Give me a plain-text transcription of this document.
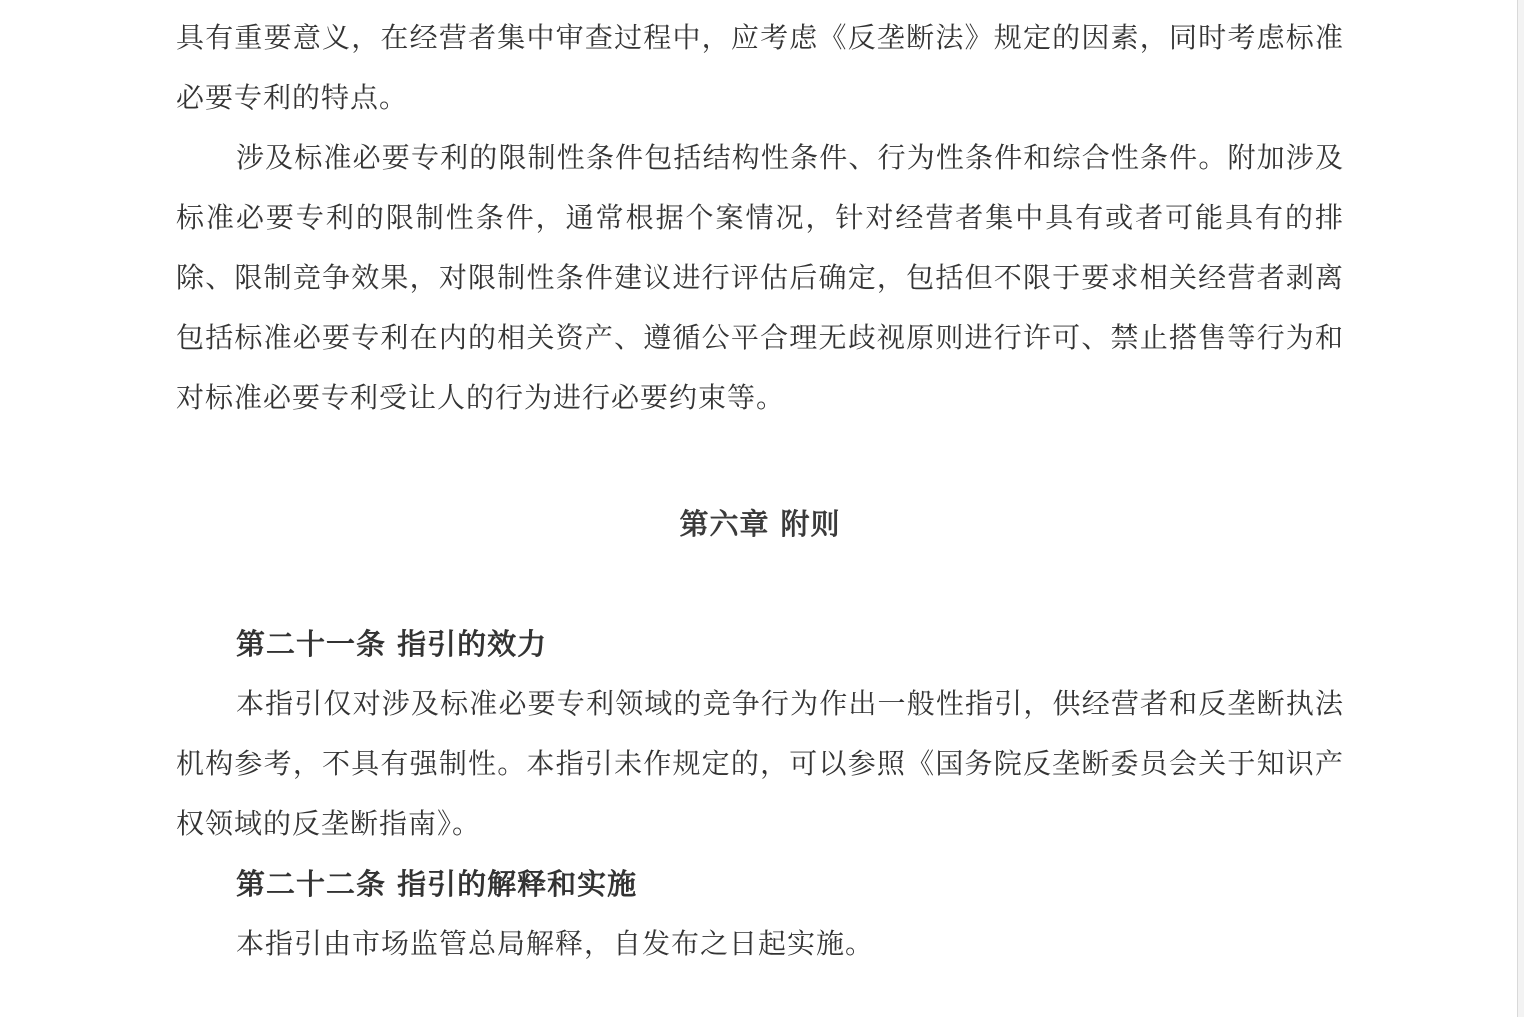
具有重要意义，在经营者集中审查过程中，应考虑《反垄断法》规定的因素，同时考虑标准必要专利的特点。

涉及标准必要专利的限制性条件包括结构性条件、行为性条件和综合性条件。附加涉及标准必要专利的限制性条件，通常根据个案情况，针对经营者集中具有或者可能具有的排除、限制竞争效果，对限制性条件建议进行评估后确定，包括但不限于要求相关经营者剥离包括标准必要专利在内的相关资产、遵循公平合理无歧视原则进行许可、禁止搭售等行为和对标准必要专利受让人的行为进行必要约束等。

第六章 附则
第二十一条 指引的效力

本指引仅对涉及标准必要专利领域的竞争行为作出一般性指引，供经营者和反垄断执法机构参考，不具有强制性。本指引未作规定的，可以参照《国务院反垄断委员会关于知识产权领域的反垄断指南》。

第二十二条 指引的解释和实施

本指引由市场监管总局解释，自发布之日起实施。
